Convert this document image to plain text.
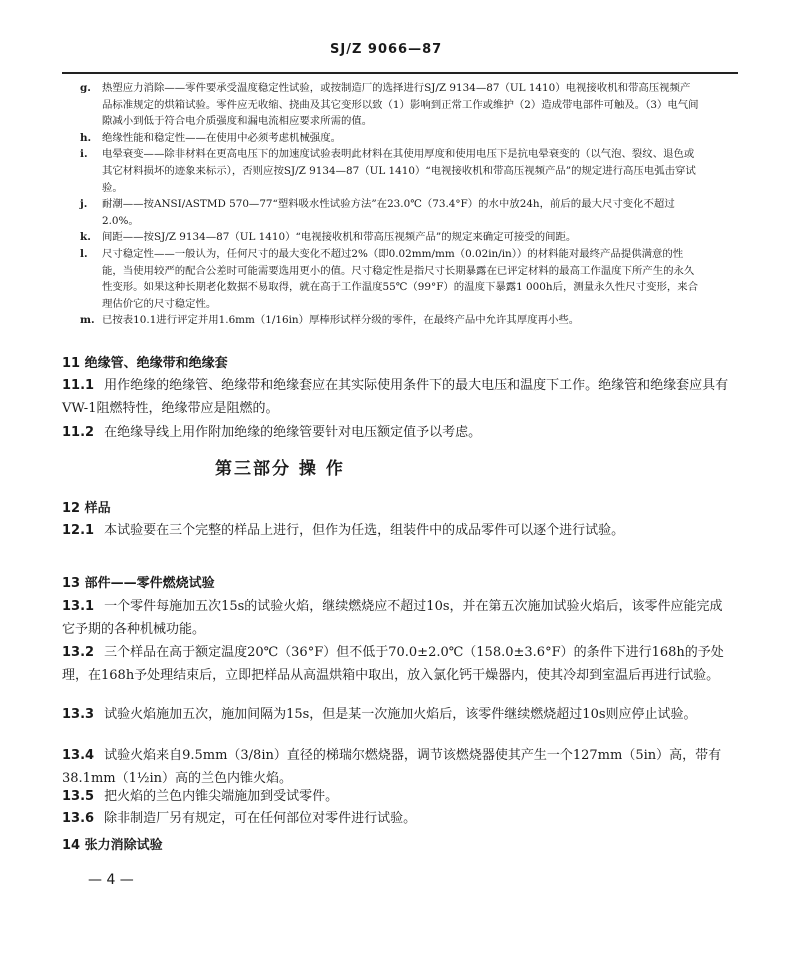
SJ/Z 9066—87
g. 热塑应力消除——零件要承受温度稳定性试验，或按制造厂的选择进行SJ/Z 9134—87（UL 1410）电视接收机和带高压视频产品标准规定的烘箱试验。零件应无收缩、挠曲及其它变形以致（1）影响到正常工作或维护（2）造成带电部件可触及。（3）电气间隙减小到低于符合电介质强度和漏电流相应要求所需的值。
h. 绝缘性能和稳定性——在使用中必须考虑机械强度。
i. 电晕衰变——除非材料在更高电压下的加速度试验表明此材料在其使用厚度和使用电压下是抗电晕衰变的（以气泡、裂纹、退色或其它材料损坏的迹象来标示），否则应按SJ/Z 9134—87（UL 1410）“电视接收机和带高压视频产品”的规定进行高压电弧击穿试验。
j. 耐潮——按ANSI/ASTMD 570—77“塑料吸水性试验方法”在23.0℃（73.4°F）的水中放24h，前后的最大尺寸变化不超过2.0%。
k. 间距——按SJ/Z 9134—87（UL 1410）“电视接收机和带高压视频产品”的规定来确定可接受的间距。
l. 尺寸稳定性——一般认为，任何尺寸的最大变化不超过2%（即0.02mm/mm（0.02in/in））的材料能对最终产品提供满意的性能，当使用较严的配合公差时可能需要选用更小的值。尺寸稳定性是指尺寸长期暴露在已评定材料的最高工作温度下所产生的永久性变形。如果这种长期老化数据不易取得，就在高于工作温度55℃（99°F）的温度下暴露1 000h后，测量永久性尺寸变形，来合理估价它的尺寸稳定性。
m. 已按表10.1进行评定并用1.6mm（1/16in）厚棒形试样分级的零件，在最终产品中允许其厚度再小些。
11 绝缘管、绝缘带和绝缘套
11.1 用作绝缘的绝缘管、绝缘带和绝缘套应在其实际使用条件下的最大电压和温度下工作。绝缘管和绝缘套应具有VW-1阻燃特性，绝缘带应是阻燃的。
11.2 在绝缘导线上用作附加绝缘的绝缘管要针对电压额定值予以考虑。
第三部分 操 作
12 样品
12.1 本试验要在三个完整的样品上进行，但作为任选，组装件中的成品零件可以逐个进行试验。
13 部件——零件燃烧试验
13.1 一个零件每施加五次15s的试验火焰，继续燃烧应不超过10s，并在第五次施加试验火焰后，该零件应能完成它予期的各种机械功能。
13.2 三个样品在高于额定温度20℃（36°F）但不低于70.0±2.0℃（158.0±3.6°F）的条件下进行168h的予处理，在168h予处理结束后，立即把样品从高温烘箱中取出，放入氯化钙干燥器内，使其冷却到室温后再进行试验。
13.3 试验火焰施加五次，施加间隔为15s，但是某一次施加火焰后，该零件继续燃烧超过10s则应停止试验。
13.4 试验火焰来自9.5mm（3/8in）直径的梯瑞尔燃烧器，调节该燃烧器使其产生一个127mm（5in）高，带有38.1mm（1½in）高的兰色内锥火焰。
13.5 把火焰的兰色内锥尖端施加到受试零件。
13.6 除非制造厂另有规定，可在任何部位对零件进行试验。
14 张力消除试验
— 4 —
